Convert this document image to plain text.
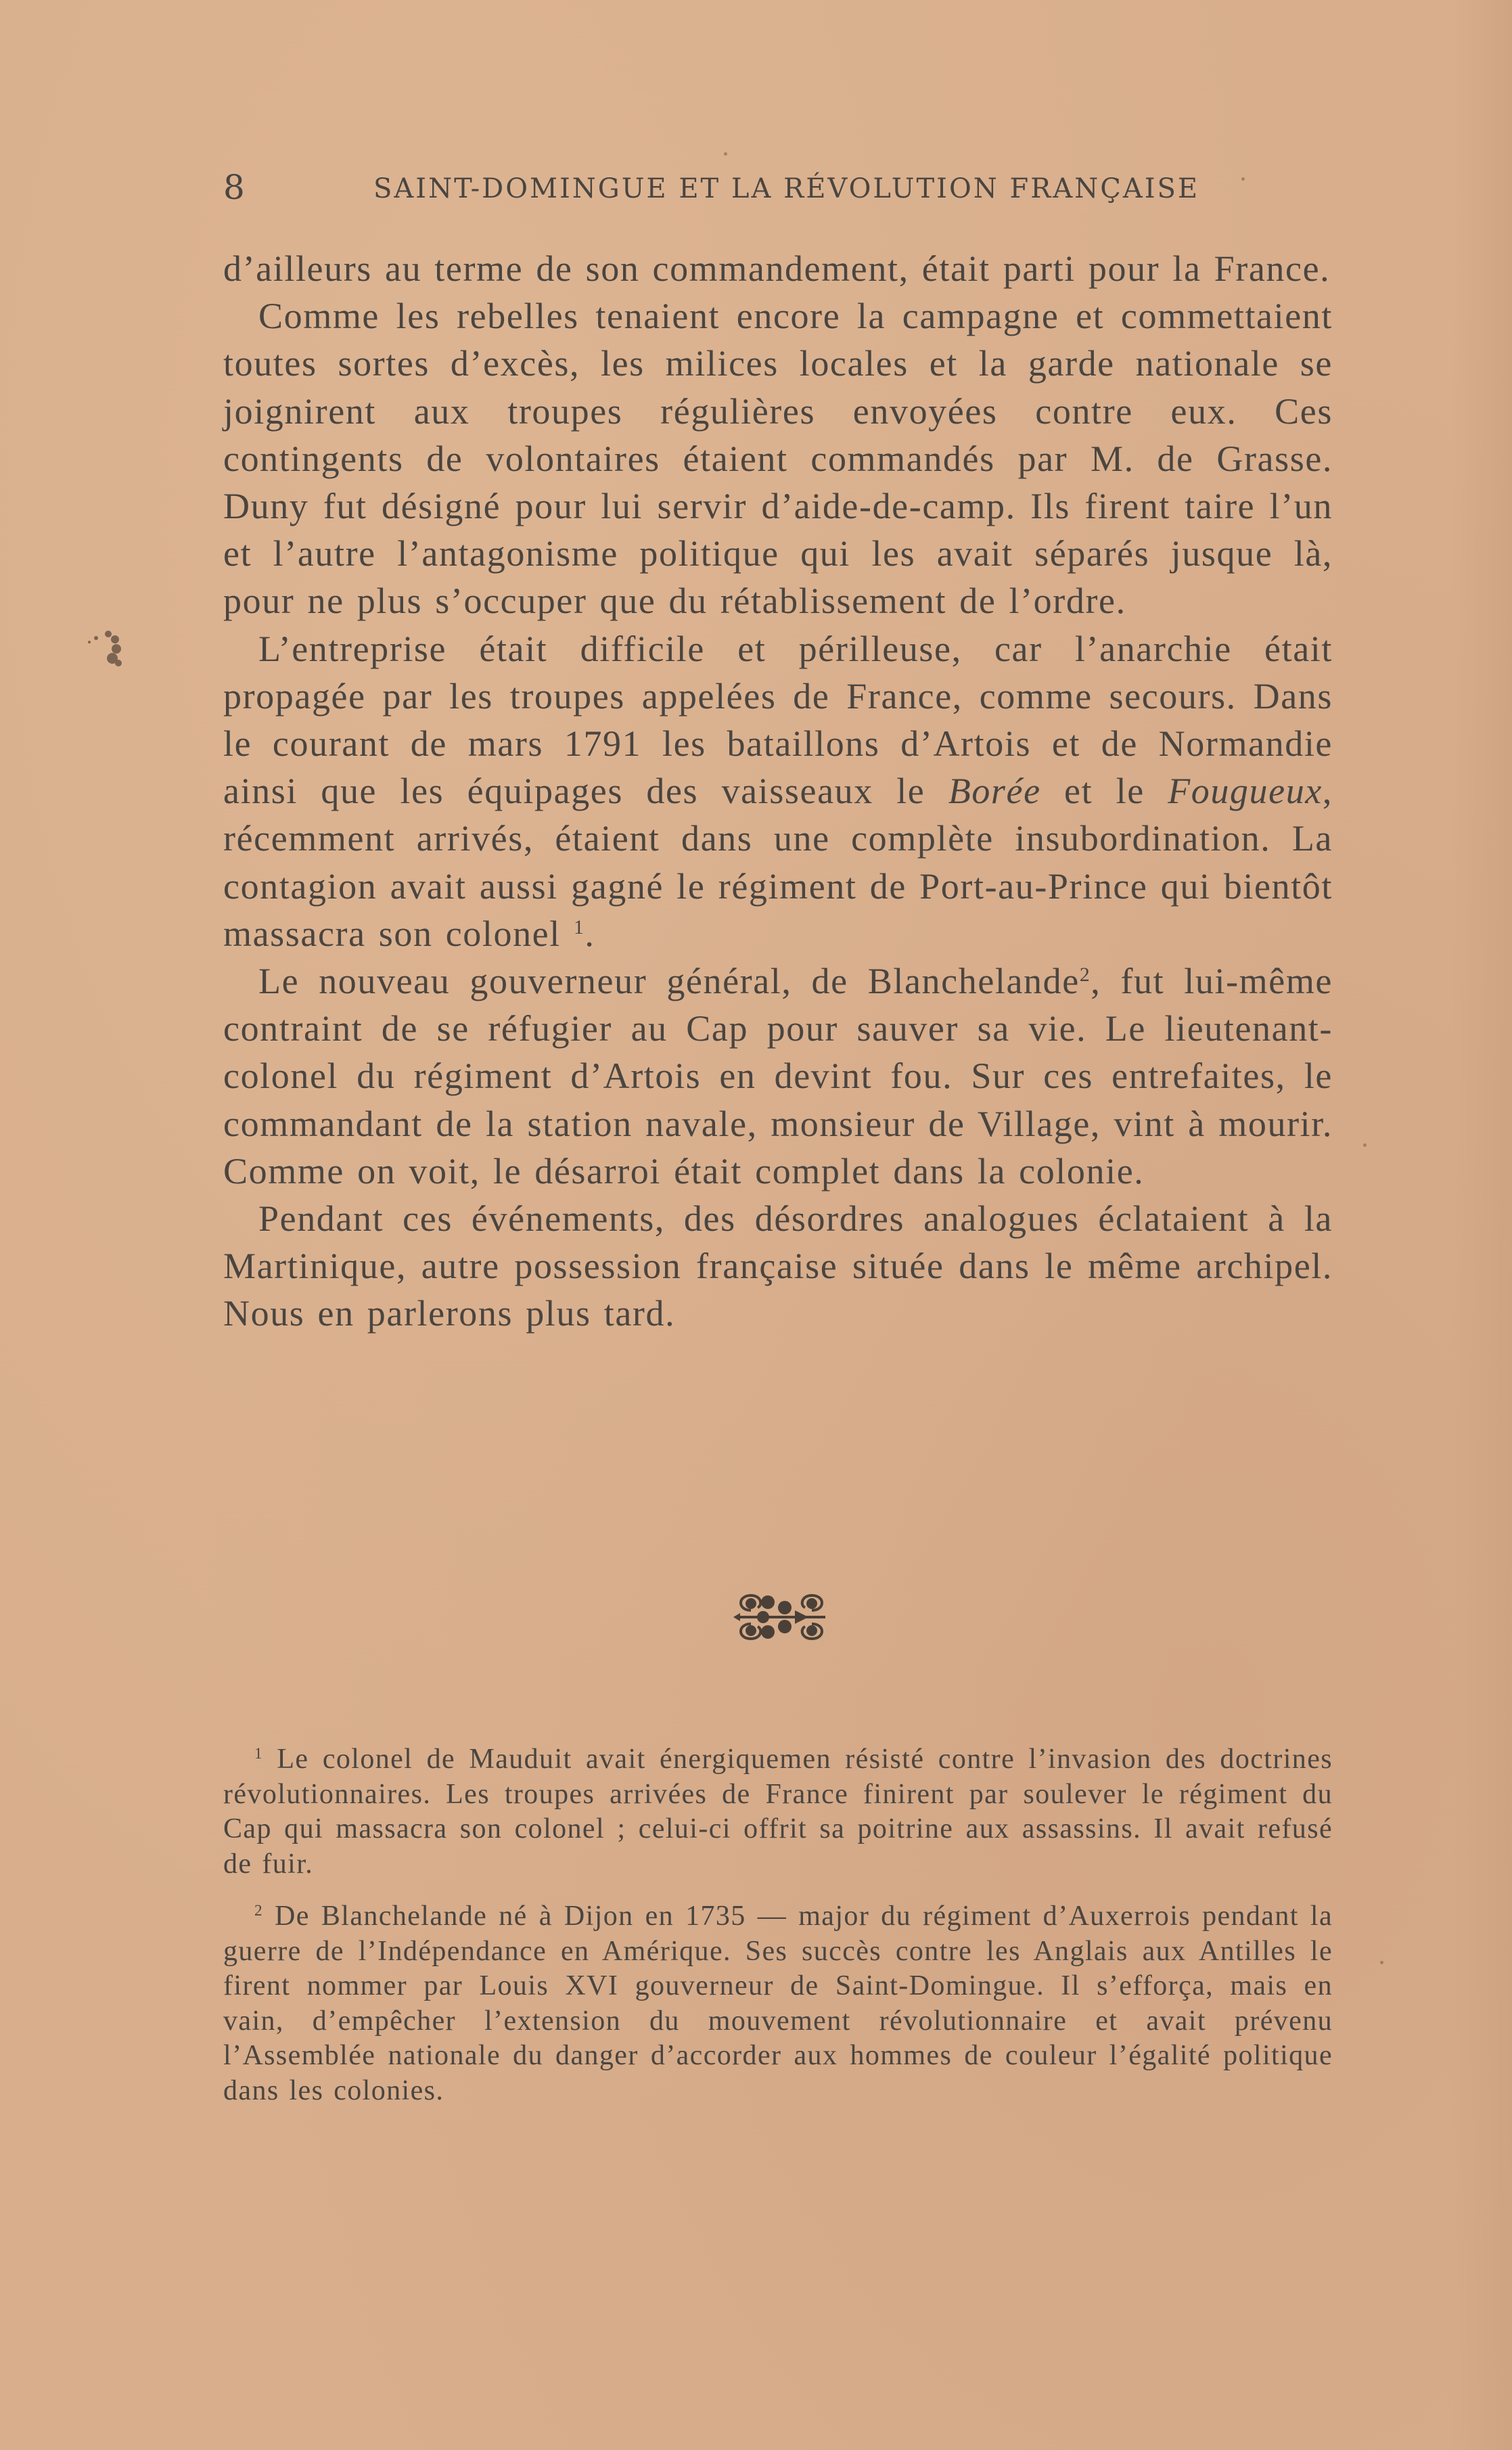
8	SAINT-DOMINGUE ET LA RÉVOLUTION FRANÇAISE

d’ailleurs au terme de son commandement, était parti pour la France.

Comme les rebelles tenaient encore la campagne et commettaient toutes sortes d’excès, les milices locales et la garde nationale se joignirent aux troupes régulières envoyées contre eux. Ces contingents de volontaires étaient commandés par M. de Grasse. Duny fut désigné pour lui servir d’aide-de-camp. Ils firent taire l’un et l’autre l’antagonisme politique qui les avait séparés jusque là, pour ne plus s’occuper que du rétablissement de l’ordre.

L’entreprise était difficile et périlleuse, car l’anarchie était propagée par les troupes appelées de France, comme secours. Dans le courant de mars 1791 les bataillons d’Artois et de Normandie ainsi que les équipages des vaisseaux le Borée et le Fougueux, récemment arrivés, étaient dans une complète insubordination. La contagion avait aussi gagné le régiment de Port-au-Prince qui bientôt massacra son colonel $^1$.

Le nouveau gouverneur général, de Blanchelande$^2$, fut lui-même contraint de se réfugier au Cap pour sauver sa vie. Le lieutenant-colonel du régiment d’Artois en devint fou. Sur ces entrefaites, le commandant de la station navale, monsieur de Village, vint à mourir. Comme on voit, le désarroi était complet dans la colonie.

Pendant ces événements, des désordres analogues éclataient à la Martinique, autre possession française située dans le même archipel. Nous en parlerons plus tard.

$^1$ Le colonel de Mauduit avait énergiquemen résisté contre l’invasion des doctrines révolutionnaires. Les troupes arrivées de France finirent par soulever le régiment du Cap qui massacra son colonel ; celui-ci offrit sa poitrine aux assassins. Il avait refusé de fuir.

$^2$ De Blanchelande né à Dijon en 1735 — major du régiment d’Auxerrois pendant la guerre de l’Indépendance en Amérique. Ses succès contre les Anglais aux Antilles le firent nommer par Louis XVI gouverneur de Saint-Domingue. Il s’efforça, mais en vain, d’empêcher l’extension du mouvement révolutionnaire et avait prévenu l’Assemblée nationale du danger d’accorder aux hommes de couleur l’égalité politique dans les colonies.
